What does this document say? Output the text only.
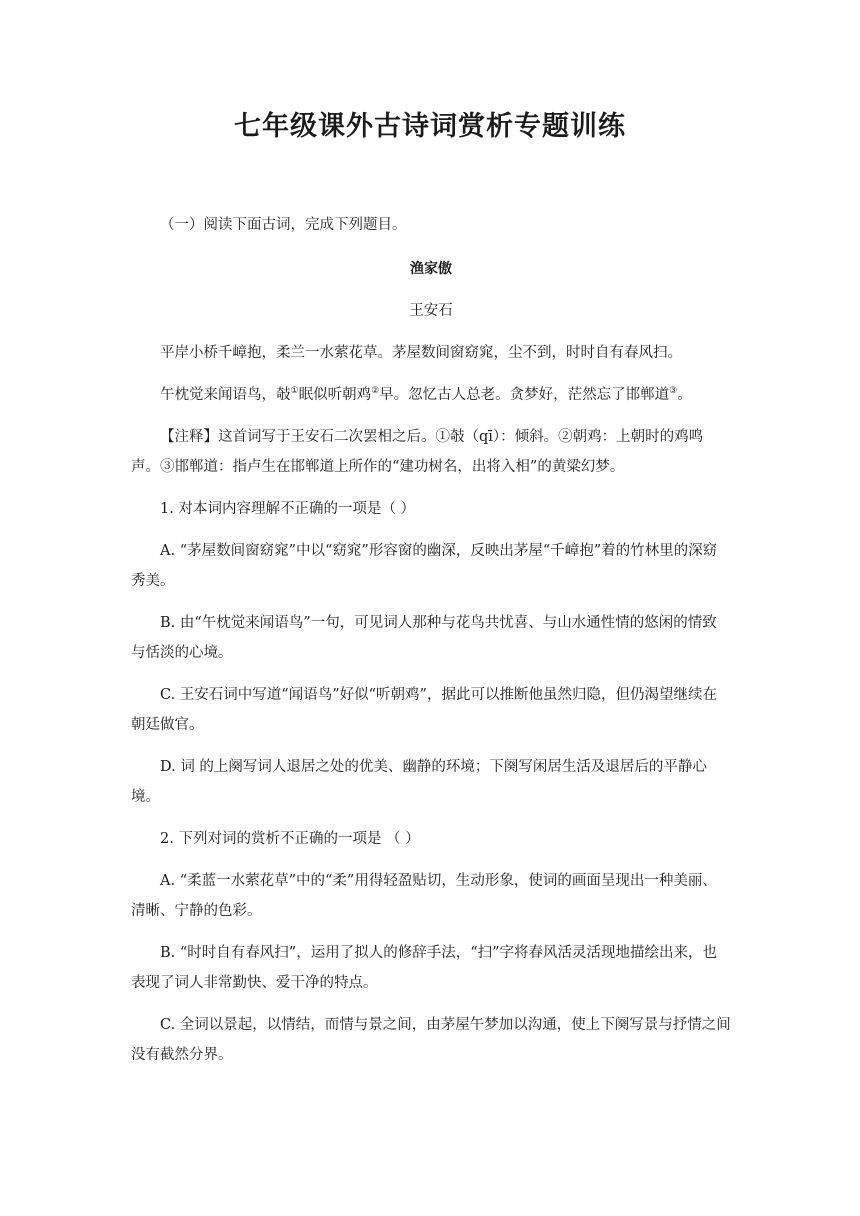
七年级课外古诗词赏析专题训练

（一）阅读下面古词，完成下列题目。

渔家傲

王安石

平岸小桥千嶂抱，柔兰一水萦花草。茅屋数间窗窈窕，尘不到，时时自有春风扫。

午枕觉来闻语鸟，攲①眠似听朝鸡②早。忽忆古人总老。贪梦好，茫然忘了邯郸道③。

【注释】这首词写于王安石二次罢相之后。①攲（qī）：倾斜。②朝鸡：上朝时的鸡鸣声。③邯郸道：指卢生在邯郸道上所作的“建功树名，出将入相”的黄粱幻梦。

1. 对本词内容理解不正确的一项是（ ）

A. “茅屋数间窗窈窕”中以“窈窕”形容窗的幽深，反映出茅屋“千嶂抱”着的竹林里的深窈秀美。

B. 由“午枕觉来闻语鸟”一句，可见词人那种与花鸟共忧喜、与山水通性情的悠闲的情致与恬淡的心境。

C. 王安石词中写道“闻语鸟”好似“听朝鸡”，据此可以推断他虽然归隐，但仍渴望继续在朝廷做官。

D. 词 的上阕写词人退居之处的优美、幽静的环境；下阕写闲居生活及退居后的平静心境。

2. 下列对词的赏析不正确的一项是 （ ）

A. “柔蓝一水萦花草”中的“柔”用得轻盈贴切，生动形象，使词的画面呈现出一种美丽、清晰、宁静的色彩。

B. “时时自有春风扫”，运用了拟人的修辞手法，“扫”字将春风活灵活现地描绘出来，也表现了词人非常勤快、爱干净的特点。

C. 全词以景起，以情结，而情与景之间，由茅屋午梦加以沟通，使上下阕写景与抒情之间没有截然分界。
